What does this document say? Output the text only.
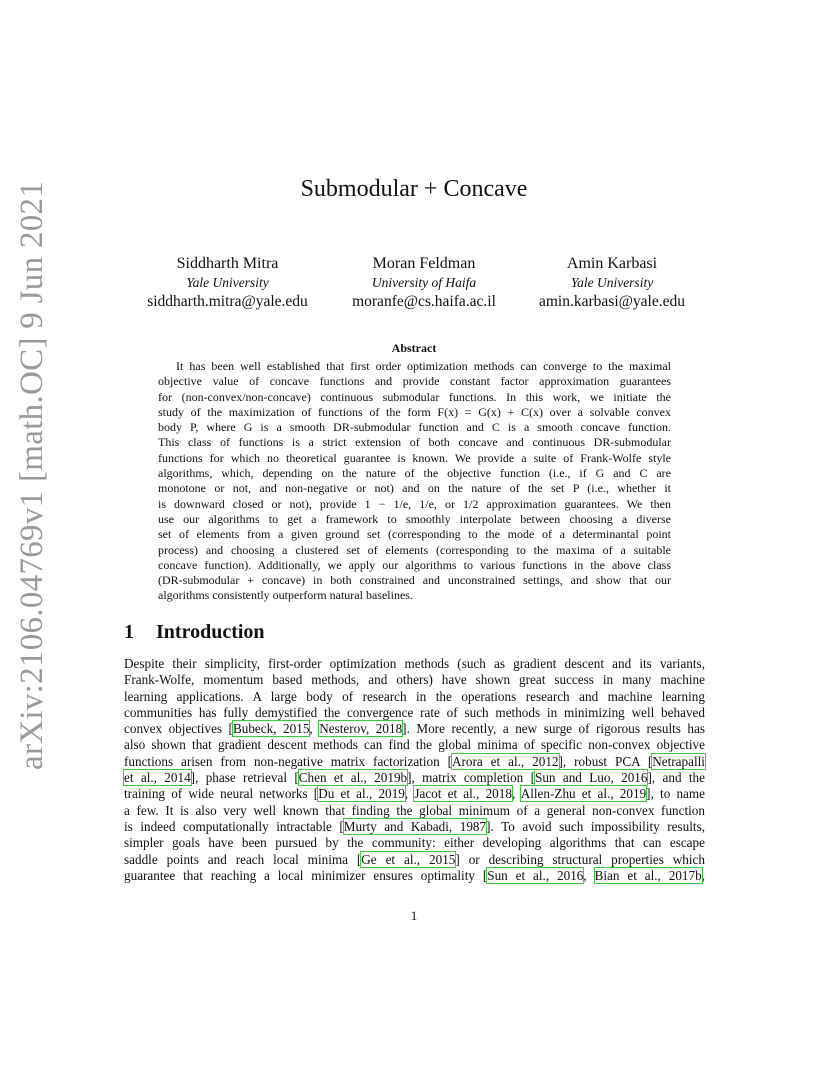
arXiv:2106.04769v1 [math.OC] 9 Jun 2021	Submodular + Concave
Siddharth Mitra
Yale University
siddharth.mitra@yale.edu
Moran Feldman
University of Haifa
moranfe@cs.haifa.ac.il
Amin Karbasi
Yale University
amin.karbasi@yale.edu
Abstract
It has been well established that first order optimization methods can converge to the maximal
objective value of concave functions and provide constant factor approximation guarantees
for (non-convex/non-concave) continuous submodular functions. In this work, we initiate the
study of the maximization of functions of the form F(x) = G(x) + C(x) over a solvable convex
body P, where G is a smooth DR-submodular function and C is a smooth concave function.
This class of functions is a strict extension of both concave and continuous DR-submodular
functions for which no theoretical guarantee is known. We provide a suite of Frank-Wolfe style
algorithms, which, depending on the nature of the objective function (i.e., if G and C are
monotone or not, and non-negative or not) and on the nature of the set P (i.e., whether it
is downward closed or not), provide 1 − 1/e, 1/e, or 1/2 approximation guarantees. We then
use our algorithms to get a framework to smoothly interpolate between choosing a diverse
set of elements from a given ground set (corresponding to the mode of a determinantal point
process) and choosing a clustered set of elements (corresponding to the maxima of a suitable
concave function). Additionally, we apply our algorithms to various functions in the above class
(DR-submodular + concave) in both constrained and unconstrained settings, and show that our
algorithms consistently outperform natural baselines.
1 Introduction
Despite their simplicity, first-order optimization methods (such as gradient descent and its variants,
Frank-Wolfe, momentum based methods, and others) have shown great success in many machine
learning applications. A large body of research in the operations research and machine learning
communities has fully demystified the convergence rate of such methods in minimizing well behaved
convex objectives [Bubeck, 2015, Nesterov, 2018]. More recently, a new surge of rigorous results has
also shown that gradient descent methods can find the global minima of specific non-convex objective
functions arisen from non-negative matrix factorization [Arora et al., 2012], robust PCA [Netrapalli
et al., 2014], phase retrieval [Chen et al., 2019b], matrix completion [Sun and Luo, 2016], and the
training of wide neural networks [Du et al., 2019, Jacot et al., 2018, Allen-Zhu et al., 2019], to name
a few. It is also very well known that finding the global minimum of a general non-convex function
is indeed computationally intractable [Murty and Kabadi, 1987]. To avoid such impossibility results,
simpler goals have been pursued by the community: either developing algorithms that can escape
saddle points and reach local minima [Ge et al., 2015] or describing structural properties which
guarantee that reaching a local minimizer ensures optimality [Sun et al., 2016, Bian et al., 2017b,
1
